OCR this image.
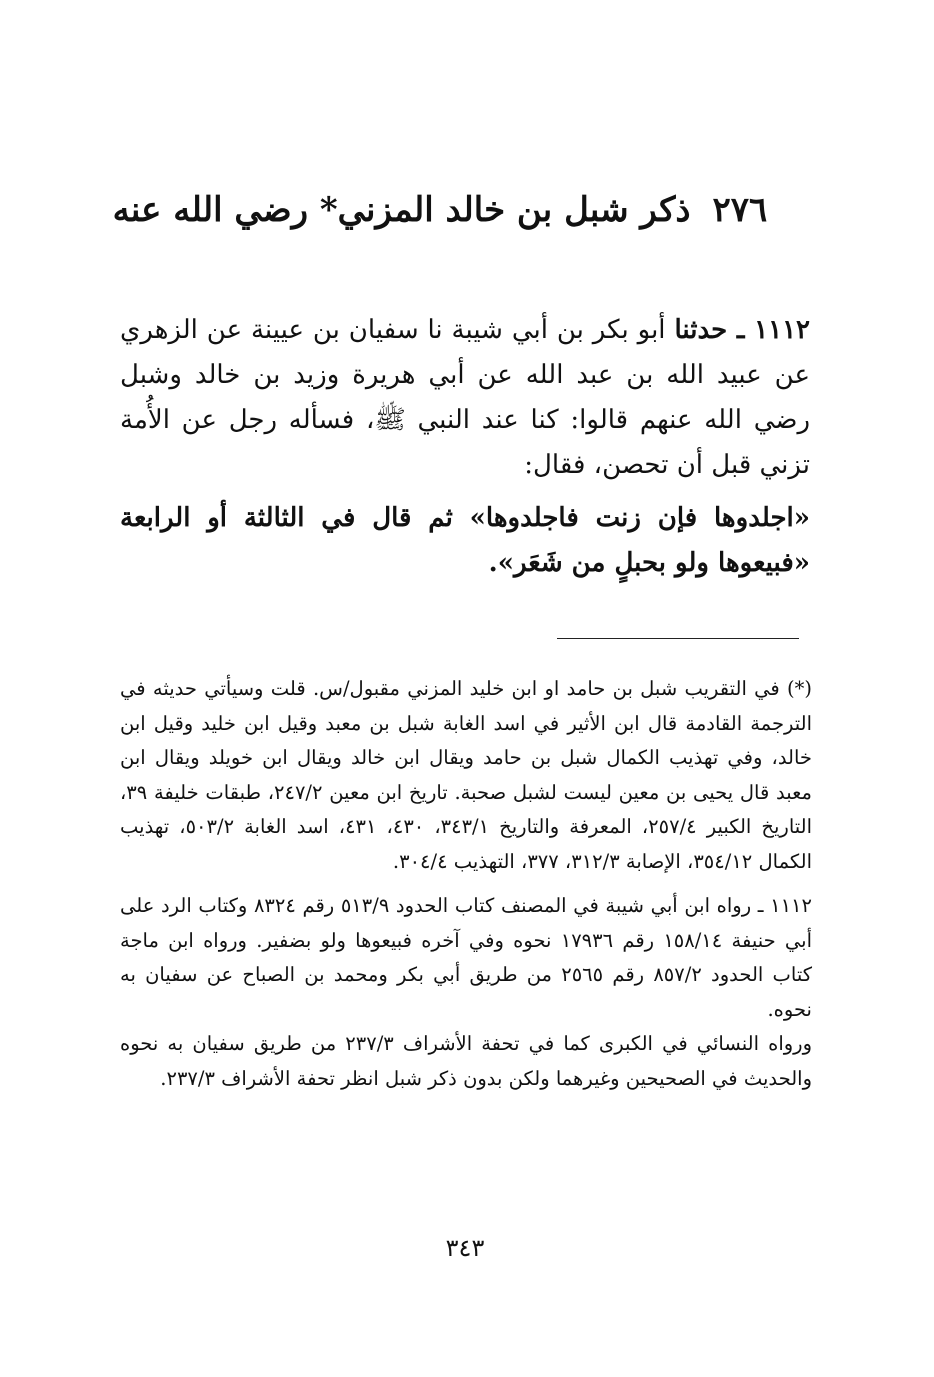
٢٧٦ذكر شبل بن خالد المزني* رضي الله عنه

١١١٢ ـ حدثنا أبو بكر بن أبي شيبة نا سفيان بن عيينة عن الزهري عن عبيد الله بن عبد الله عن أبي هريرة وزيد بن خالد وشبل رضي الله عنهم قالوا: كنا عند النبي ﷺ، فسأله رجل عن الأُمة تزني قبل أن تحصن، فقال:

«اجلدوها فإن زنت فاجلدوها» ثم قال في الثالثة أو الرابعة «فبيعوها ولو بحبلٍ من شَعَر».

(*) في التقريب شبل بن حامد او ابن خليد المزني مقبول/س. قلت وسيأتي حديثه في الترجمة القادمة قال ابن الأثير في اسد الغابة شبل بن معبد وقيل ابن خليد وقيل ابن خالد، وفي تهذيب الكمال شبل بن حامد ويقال ابن خالد ويقال ابن خويلد ويقال ابن معبد قال يحيى بن معين ليست لشبل صحبة. تاريخ ابن معين ٢٤٧/٢، طبقات خليفة ٣٩، التاريخ الكبير ٢٥٧/٤، المعرفة والتاريخ ٣٤٣/١، ٤٣٠، ٤٣١، اسد الغابة ٥٠٣/٢، تهذيب الكمال ٣٥٤/١٢، الإصابة ٣١٢/٣، ٣٧٧، التهذيب ٣٠٤/٤.

١١١٢ ـ رواه ابن أبي شيبة في المصنف كتاب الحدود ٥١٣/٩ رقم ٨٣٢٤ وكتاب الرد على أبي حنيفة ١٥٨/١٤ رقم ١٧٩٣٦ نحوه وفي آخره فبيعوها ولو بضفير. ورواه ابن ماجة كتاب الحدود ٨٥٧/٢ رقم ٢٥٦٥ من طريق أبي بكر ومحمد بن الصباح عن سفيان به نحوه.

ورواه النسائي في الكبرى كما في تحفة الأشراف ٢٣٧/٣ من طريق سفيان به نحوه والحديث في الصحيحين وغيرهما ولكن بدون ذكر شبل انظر تحفة الأشراف ٢٣٧/٣.

٣٤٣
